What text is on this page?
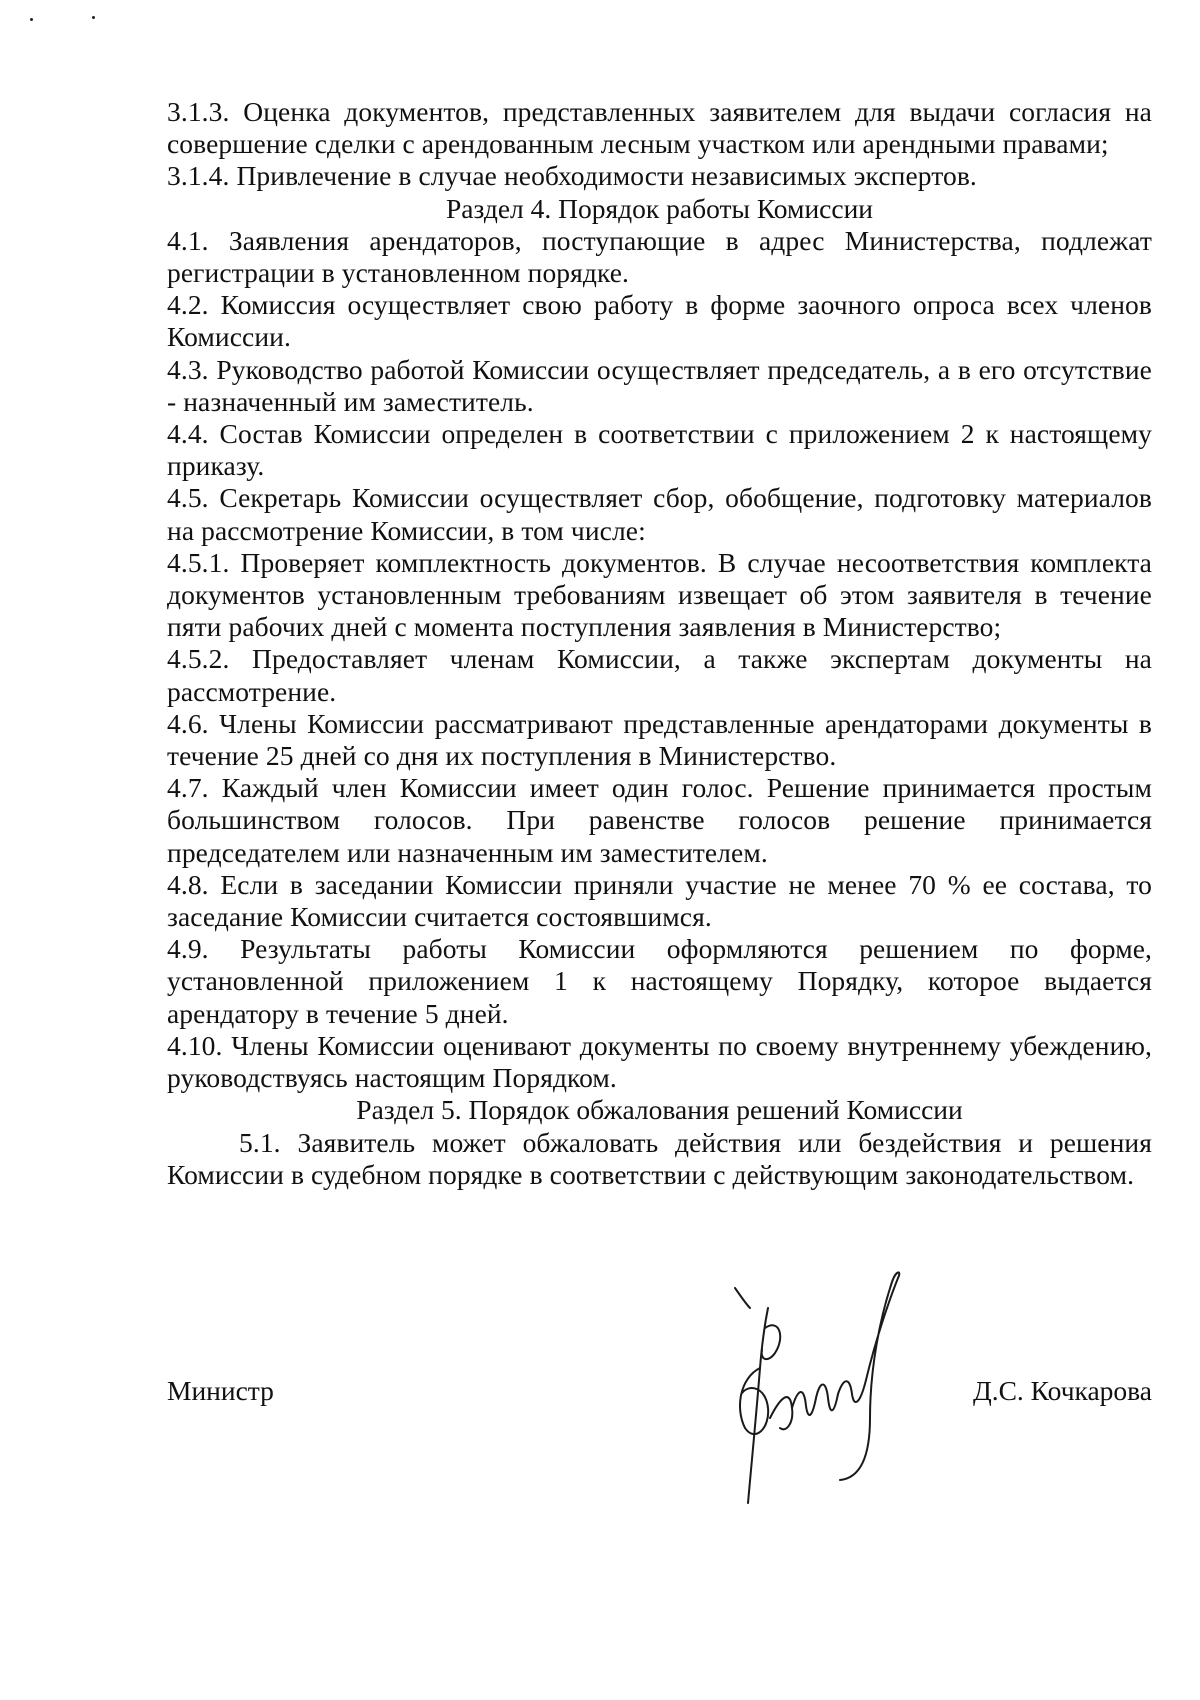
3.1.3. Оценка документов, представленных заявителем для выдачи согласия на совершение сделки с арендованным лесным участком или арендными правами;

3.1.4. Привлечение в случае необходимости независимых экспертов.

Раздел 4. Порядок работы Комиссии

4.1. Заявления арендаторов, поступающие в адрес Министерства, подлежат регистрации в установленном порядке.

4.2. Комиссия осуществляет свою работу в форме заочного опроса всех членов Комиссии.

4.3. Руководство работой Комиссии осуществляет председатель, а в его отсутствие - назначенный им заместитель.

4.4. Состав Комиссии определен в соответствии с приложением 2 к настоящему приказу.

4.5. Секретарь Комиссии осуществляет сбор, обобщение, подготовку материалов на рассмотрение Комиссии, в том числе:

4.5.1. Проверяет комплектность документов. В случае несоответствия комплекта документов установленным требованиям извещает об этом заявителя в течение пяти рабочих дней с момента поступления заявления в Министерство;

4.5.2. Предоставляет членам Комиссии, а также экспертам документы на рассмотрение.

4.6. Члены Комиссии рассматривают представленные арендаторами документы в течение 25 дней со дня их поступления в Министерство.

4.7. Каждый член Комиссии имеет один голос. Решение принимается простым большинством голосов. При равенстве голосов решение принимается председателем или назначенным им заместителем.

4.8. Если в заседании Комиссии приняли участие не менее 70 % ее состава, то заседание Комиссии считается состоявшимся.

4.9. Результаты работы Комиссии оформляются решением по форме, установленной приложением 1 к настоящему Порядку, которое выдается арендатору в течение 5 дней.

4.10. Члены Комиссии оценивают документы по своему внутреннему убеждению, руководствуясь настоящим Порядком.

Раздел 5. Порядок обжалования решений Комиссии

5.1. Заявитель может обжаловать действия или бездействия и решения Комиссии в судебном порядке в соответствии с действующим законодательством.

Министр	Д.С. Кочкарова
